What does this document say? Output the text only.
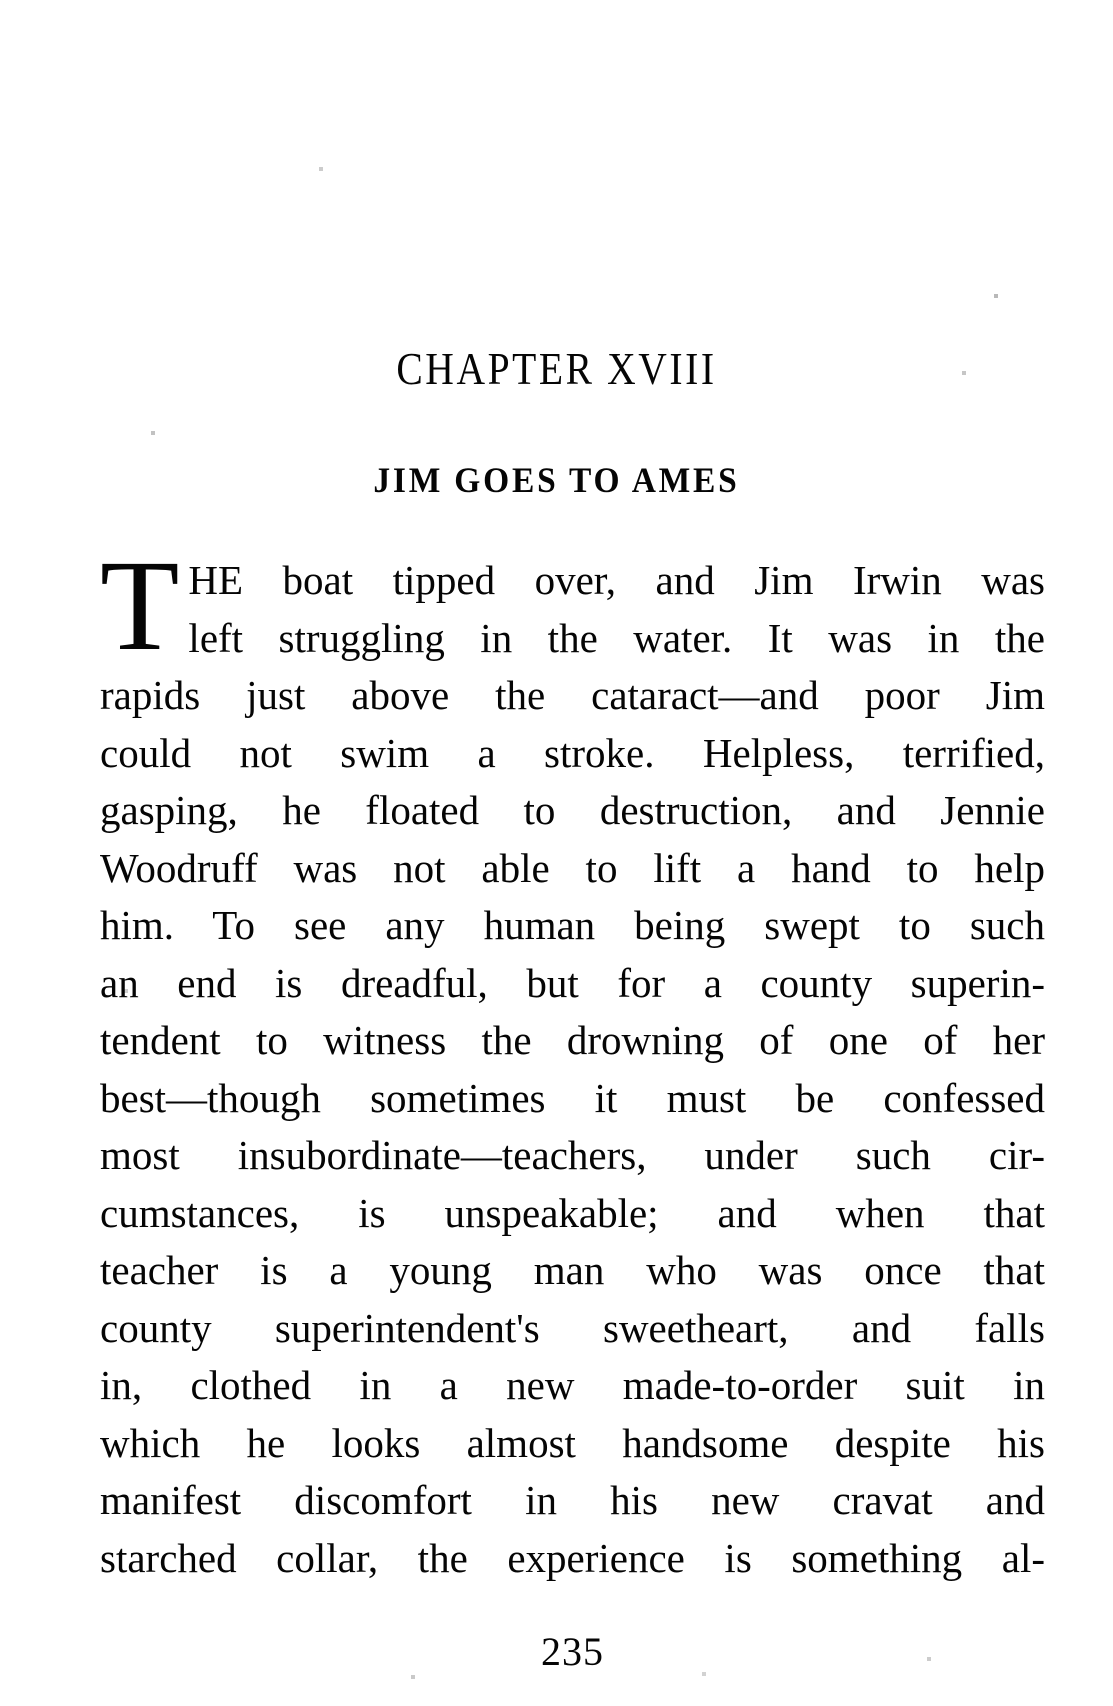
CHAPTER XVIII
JIM GOES TO AMES
THE boat tipped over, and Jim Irwin was
left struggling in the water. It was in the
rapids just above the cataract—and poor Jim
could not swim a stroke. Helpless, terrified,
gasping, he floated to destruction, and Jennie
Woodruff was not able to lift a hand to help
him. To see any human being swept to such
an end is dreadful, but for a county superin-
tendent to witness the drowning of one of her
best—though sometimes it must be confessed
most insubordinate—teachers, under such cir-
cumstances, is unspeakable; and when that
teacher is a young man who was once that
county superintendent's sweetheart, and falls
in, clothed in a new made-to-order suit in
which he looks almost handsome despite his
manifest discomfort in his new cravat and
starched collar, the experience is something al-
235
